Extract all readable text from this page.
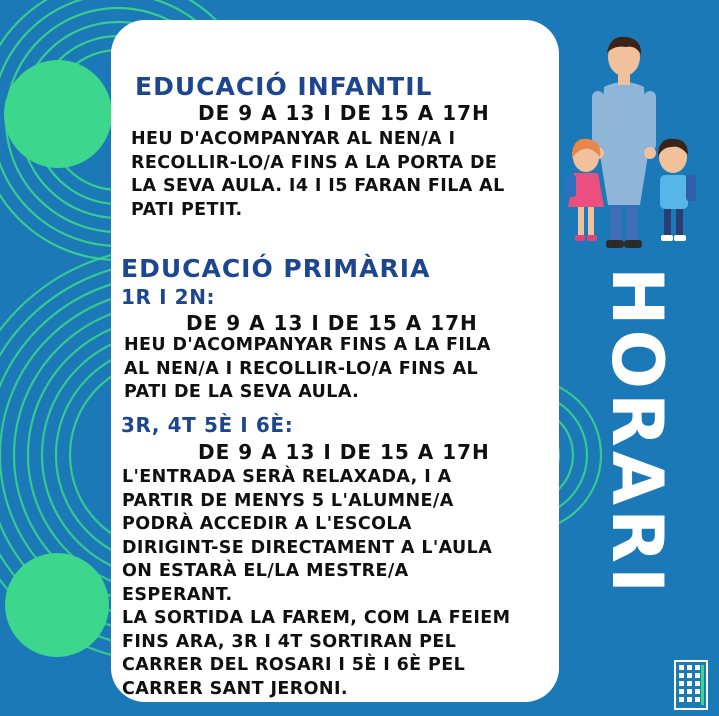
EDUCACIÓ INFANTIL

DE 9 A 13 I DE 15 A 17H

HEU D'ACOMPANYAR AL NEN/A I
RECOLLIR-LO/A FINS A LA PORTA DE
LA SEVA AULA. I4 I I5 FARAN FILA AL
PATI PETIT.

EDUCACIÓ PRIMÀRIA

1R I 2N:

DE 9 A 13 I DE 15 A 17H

HEU D'ACOMPANYAR FINS A LA FILA
AL NEN/A I RECOLLIR-LO/A FINS AL
PATI DE LA SEVA AULA.

3R, 4T 5È I 6È:

DE 9 A 13 I DE 15 A 17H

L'ENTRADA SERÀ RELAXADA, I A
PARTIR DE MENYS 5 L'ALUMNE/A
PODRÀ ACCEDIR A L'ESCOLA
DIRIGINT-SE DIRECTAMENT A L'AULA
ON ESTARÀ EL/LA MESTRE/A
ESPERANT.
LA SORTIDA LA FAREM, COM LA FEIEM
FINS ARA, 3R I 4T SORTIRAN PEL
CARRER DEL ROSARI I 5È I 6È PEL
CARRER SANT JERONI.

HORARI
